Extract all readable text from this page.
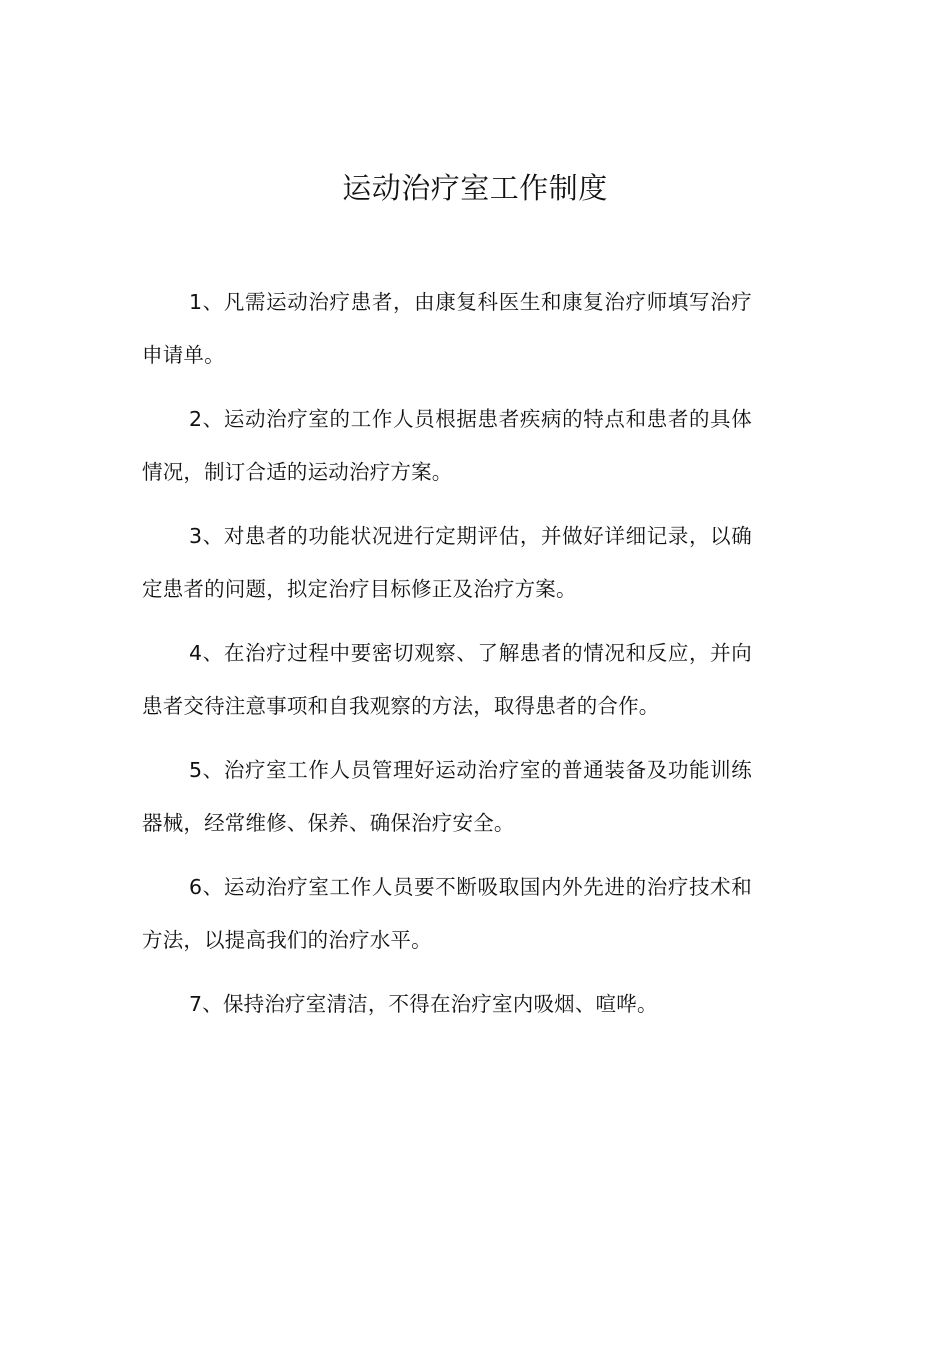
运动治疗室工作制度

1、凡需运动治疗患者，由康复科医生和康复治疗师填写治疗申请单。

2、运动治疗室的工作人员根据患者疾病的特点和患者的具体情况，制订合适的运动治疗方案。

3、对患者的功能状况进行定期评估，并做好详细记录，以确定患者的问题，拟定治疗目标修正及治疗方案。

4、在治疗过程中要密切观察、了解患者的情况和反应，并向患者交待注意事项和自我观察的方法，取得患者的合作。

5、治疗室工作人员管理好运动治疗室的普通装备及功能训练器械，经常维修、保养、确保治疗安全。

6、运动治疗室工作人员要不断吸取国内外先进的治疗技术和方法，以提高我们的治疗水平。

7、保持治疗室清洁，不得在治疗室内吸烟、喧哗。
